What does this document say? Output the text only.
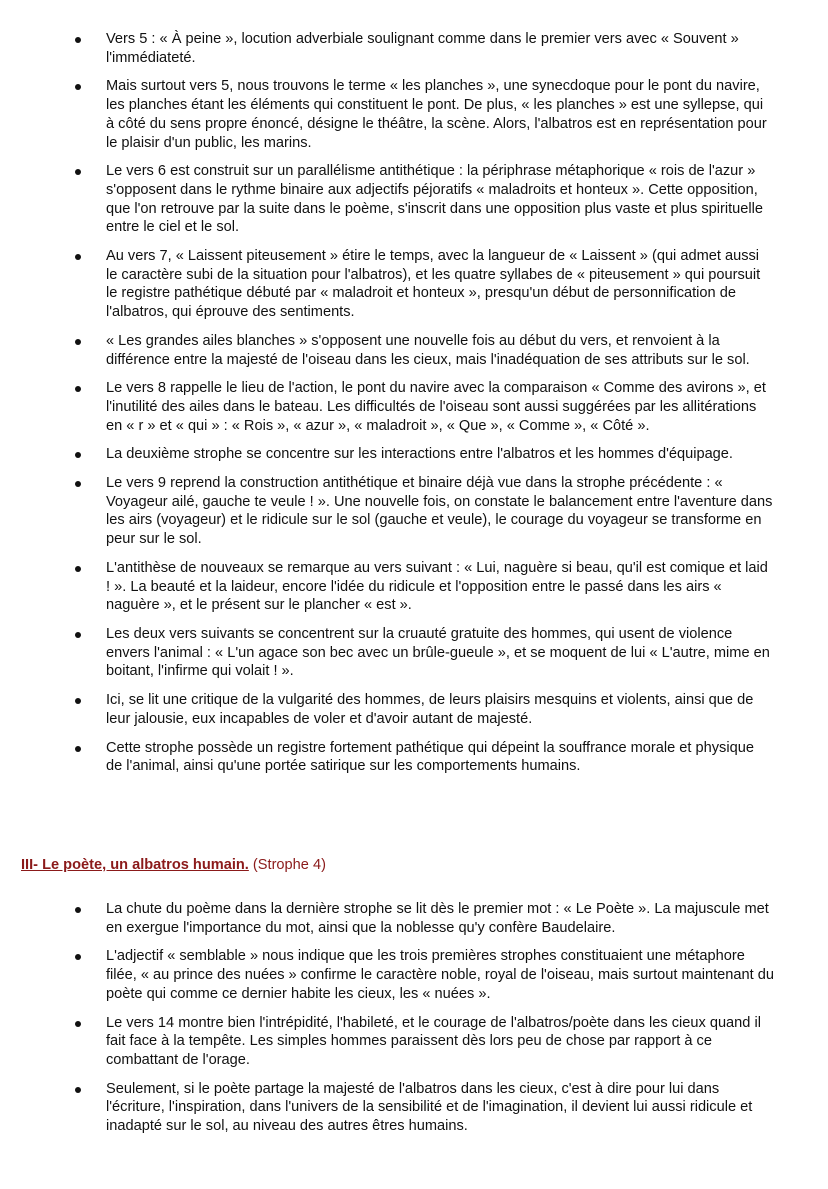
Vers 5 : « À peine », locution adverbiale soulignant comme dans le premier vers avec « Souvent » l'immédiateté.
Mais surtout vers 5, nous trouvons le terme « les planches », une synecdoque pour le pont du navire, les planches étant les éléments qui constituent le pont. De plus, « les planches » est une syllepse, qui à côté du sens propre énoncé, désigne le théâtre, la scène. Alors, l'albatros est en représentation pour le plaisir d'un public, les marins.
Le vers 6 est construit sur un parallélisme antithétique : la périphrase métaphorique « rois de l'azur » s'opposent dans le rythme binaire aux adjectifs péjoratifs « maladroits et honteux ». Cette opposition, que l'on retrouve par la suite dans le poème, s'inscrit dans une opposition plus vaste et plus spirituelle entre le ciel et le sol.
Au vers 7, « Laissent piteusement » étire le temps, avec la langueur de « Laissent » (qui admet aussi le caractère subi de la situation pour l'albatros), et les quatre syllabes de « piteusement » qui poursuit le registre pathétique débuté par « maladroit et honteux », presqu'un début de personnification de l'albatros, qui éprouve des sentiments.
« Les grandes ailes blanches » s'opposent une nouvelle fois au début du vers, et renvoient à la différence entre la majesté de l'oiseau dans les cieux, mais l'inadéquation de ses attributs sur le sol.
Le vers 8 rappelle le lieu de l'action, le pont du navire avec la comparaison « Comme des avirons », et l'inutilité des ailes dans le bateau. Les difficultés de l'oiseau sont aussi suggérées par les allitérations en « r » et « qui » : « Rois », « azur », « maladroit », « Que », « Comme », « Côté ».
La deuxième strophe se concentre sur les interactions entre l'albatros et les hommes d'équipage.
Le vers 9 reprend la construction antithétique et binaire déjà vue dans la strophe précédente : « Voyageur ailé, gauche te veule ! ». Une nouvelle fois, on constate le balancement entre l'aventure dans les airs (voyageur) et le ridicule sur le sol (gauche et veule), le courage du voyageur se transforme en peur sur le sol.
L'antithèse de nouveaux se remarque au vers suivant : « Lui, naguère si beau, qu'il est comique et laid ! ». La beauté et la laideur, encore l'idée du ridicule et l'opposition entre le passé dans les airs « naguère », et le présent sur le plancher « est ».
Les deux vers suivants se concentrent sur la cruauté gratuite des hommes, qui usent de violence envers l'animal : « L'un agace son bec avec un brûle-gueule », et se moquent de lui « L'autre, mime en boitant, l'infirme qui volait ! ».
Ici, se lit une critique de la vulgarité des hommes, de leurs plaisirs mesquins et violents, ainsi que de leur jalousie, eux incapables de voler et d'avoir autant de majesté.
Cette strophe possède un registre fortement pathétique qui dépeint la souffrance morale et physique de l'animal, ainsi qu'une portée satirique sur les comportements humains.
III- Le poète, un albatros humain. (Strophe 4)
La chute du poème dans la dernière strophe se lit dès le premier mot : « Le Poète ». La majuscule met en exergue l'importance du mot, ainsi que la noblesse qu'y confère Baudelaire.
L'adjectif « semblable » nous indique que les trois premières strophes constituaient une métaphore filée, « au prince des nuées » confirme le caractère noble, royal de l'oiseau, mais surtout maintenant du poète qui comme ce dernier habite les cieux, les « nuées ».
Le vers 14 montre bien l'intrépidité, l'habileté, et le courage de l'albatros/poète dans les cieux quand il fait face à la tempête. Les simples hommes paraissent dès lors peu de chose par rapport à ce combattant de l'orage.
Seulement, si le poète partage la majesté de l'albatros dans les cieux, c'est à dire pour lui dans l'écriture, l'inspiration, dans l'univers de la sensibilité et de l'imagination, il devient lui aussi ridicule et inadapté sur le sol, au niveau des autres êtres humains.
